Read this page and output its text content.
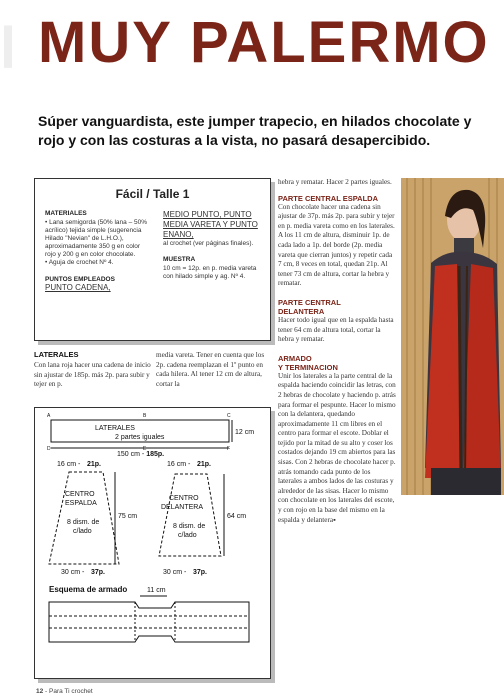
l MUY PALERMO
Súper vanguardista, este jumper trapecio, en hilados chocolate y rojo y con las costuras a la vista, no pasará desapercibido.
Fácil / Talle 1
MATERIALES
• Lana semigorda (50% lana – 50% acrílico) tejida simple (sugerencia Hilado "Nevian" de L.H.O.), aproximadamente 350 g en color rojo y 200 g en color chocolate.
• Aguja de crochet Nº 4.
PUNTOS EMPLEADOS
PUNTO CADENA,
MEDIO PUNTO, PUNTO MEDIA VARETA Y PUNTO ENANO,
al crochet (ver páginas finales).
MUESTRA
10 cm = 12p. en p. media vareta con hilado simple y ag. Nº 4.
LATERALES
Con lana roja hacer una cadena de inicio sin ajustar de 185p. más 2p. para subir y tejer en p.
media vareta. Tener en cuenta que los 2p. cadena reemplazan el 1º punto en cada hilera. Al tener 12 cm de altura, cortar la
hebra y rematar. Hacer 2 partes iguales.
PARTE CENTRAL ESPALDA
Con chocolate hacer una cadena sin ajustar de 37p. más 2p. para subir y tejer en p. media vareta como en los laterales. A los 11 cm de altura, disminuir 1p. de cada lado a 1p. del borde (2p. media vareta que cierran juntos) y repetir cada 7 cm, 8 veces en total, quedan 21p. Al tener 73 cm de altura, cortar la hebra y rematar.
PARTE CENTRAL
DELANTERA
Hacer todo igual que en la espalda hasta tener 64 cm de altura total, cortar la hebra y rematar.
ARMADO
Y TERMINACION
Unir los laterales a la parte central de la espalda haciendo coincidir las letras, con 2 hebras de chocolate y haciendo p. atrás para formar el pespunte. Hacer lo mismo con la delantera, quedando aproximadamente 11 cm libres en el centro para formar el escote. Doblar el tejido por la mitad de su alto y coser los costados dejando 19 cm abiertos para las sisas. Con 2 hebras de chocolate hacer p. atrás tomando cada punto de los laterales a ambos lados de las costuras y alrededor de las sisas. Hacer lo mismo con chocolate en los laterales del escote, y con rojo en la base del mismo en la espalda y delantera▪
LATERALES
2 partes iguales
A	B	C
D	E	F
12 cm
150 cm - 185p.
16 cm - 21p.
CENTRO
ESPALDA
8 dism. de
c/lado
75 cm
30 cm - 37p.
16 cm - 21p.
CENTRO
DELANTERA
8 dism. de
c/lado
64 cm
30 cm - 37p.
Esquema de armado	11 cm
12 - Para Ti crochet
